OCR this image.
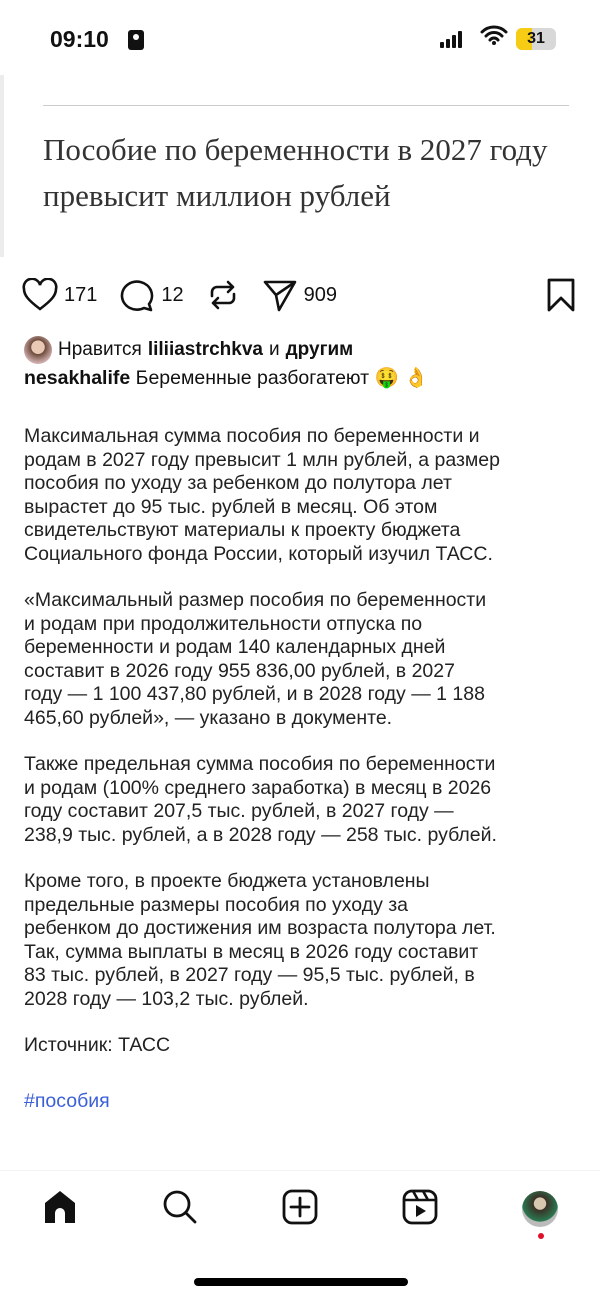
09:10	31
Пособие по беременности в 2027 году превысит миллион рублей
171	12	909
Нравится liliiastrchkva и другим
nesakhalife Беременные разбогатеют 🤑 👌

Максимальная сумма пособия по беременности и
родам в 2027 году превысит 1 млн рублей, а размер
пособия по уходу за ребенком до полутора лет
вырастет до 95 тыс. рублей в месяц. Об этом
свидетельствуют материалы к проекту бюджета
Социального фонда России, который изучил ТАСС.

«Максимальный размер пособия по беременности
и родам при продолжительности отпуска по
беременности и родам 140 календарных дней
составит в 2026 году 955 836,00 рублей, в 2027
году — 1 100 437,80 рублей, и в 2028 году — 1 188
465,60 рублей», — указано в документе.

Также предельная сумма пособия по беременности
и родам (100% среднего заработка) в месяц в 2026
году составит 207,5 тыс. рублей, в 2027 году —
238,9 тыс. рублей, а в 2028 году — 258 тыс. рублей.

Кроме того, в проекте бюджета установлены
предельные размеры пособия по уходу за
ребенком до достижения им возраста полутора лет.
Так, сумма выплаты в месяц в 2026 году составит
83 тыс. рублей, в 2027 году — 95,5 тыс. рублей, в
2028 году — 103,2 тыс. рублей.

Источник: ТАСС

#пособия
